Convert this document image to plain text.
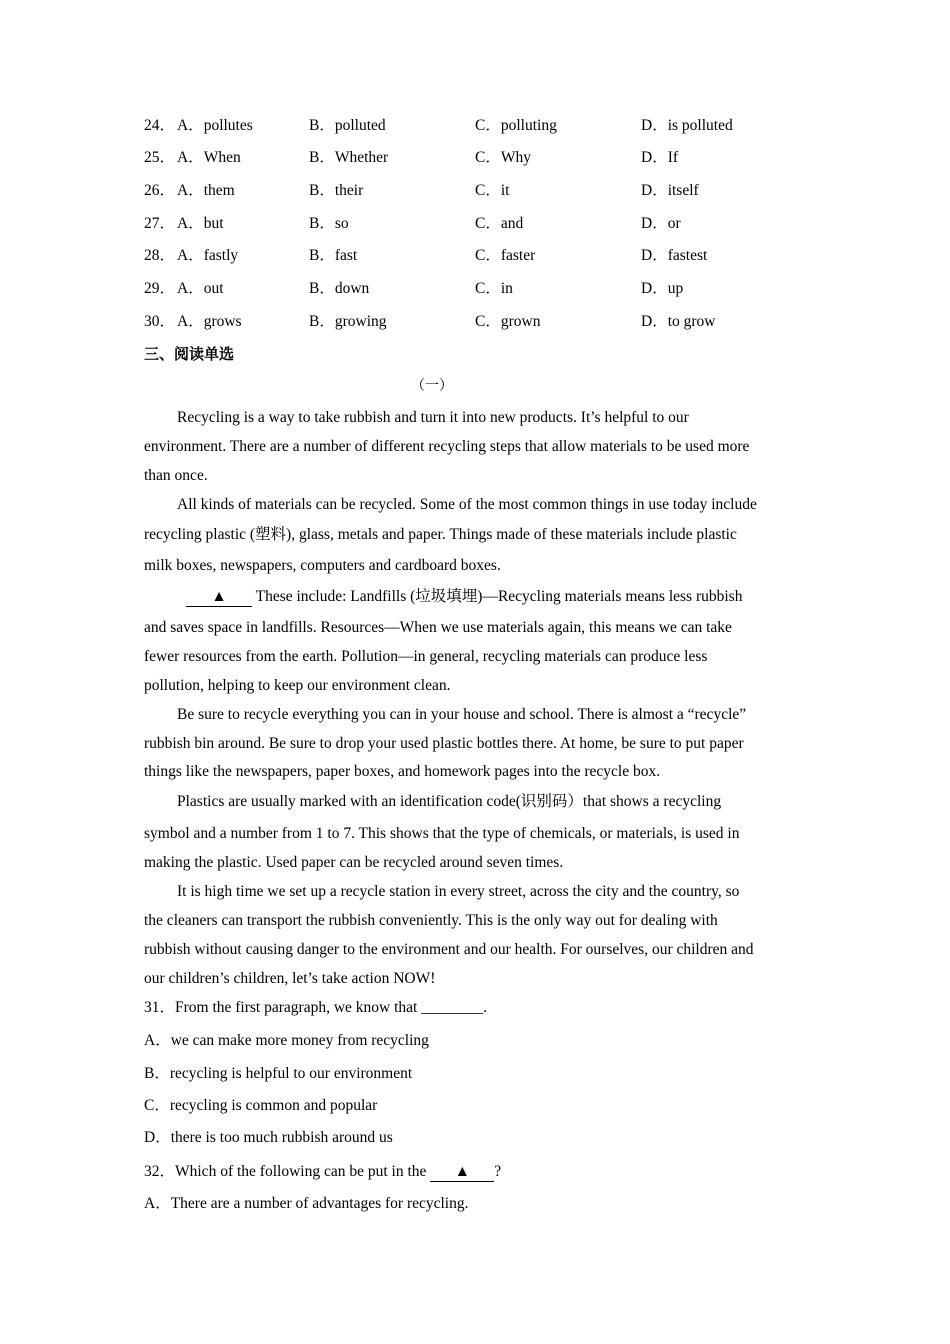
24． A．pollutes	B．polluted	C．polluting	D．is polluted
25． A．When	B．Whether	C．Why	D．If
26． A．them	B．their	C．it	D．itself
27． A．but	B．so	C．and	D．or
28． A．fastly	B．fast	C．faster	D．fastest
29． A．out	B．down	C．in	D．up
30． A．grows	B．growing	C．grown	D．to grow
三、阅读单选
（一）
Recycling is a way to take rubbish and turn it into new products. It’s helpful to our
environment. There are a number of different recycling steps that allow materials to be used more
than once.
All kinds of materials can be recycled. Some of the most common things in use today include
recycling plastic (塑料), glass, metals and paper. Things made of these materials include plastic
milk boxes, newspapers, computers and cardboard boxes.
▲ These include: Landfills (垃圾填埋)—Recycling materials means less rubbish
and saves space in landfills. Resources—When we use materials again, this means we can take
fewer resources from the earth. Pollution—in general, recycling materials can produce less
pollution, helping to keep our environment clean.
Be sure to recycle everything you can in your house and school. There is almost a “recycle”
rubbish bin around. Be sure to drop your used plastic bottles there. At home, be sure to put paper
things like the newspapers, paper boxes, and homework pages into the recycle box.
Plastics are usually marked with an identification code(识别码）that shows a recycling
symbol and a number from 1 to 7. This shows that the type of chemicals, or materials, is used in
making the plastic. Used paper can be recycled around seven times.
It is high time we set up a recycle station in every street, across the city and the country, so
the cleaners can transport the rubbish conveniently. This is the only way out for dealing with
rubbish without causing danger to the environment and our health. For ourselves, our children and
our children’s children, let’s take action NOW!
31．From the first paragraph, we know that ________.
A．we can make more money from recycling
B．recycling is helpful to our environment
C．recycling is common and popular
D．there is too much rubbish around us
32．Which of the following can be put in the ▲ ?
A．There are a number of advantages for recycling.
